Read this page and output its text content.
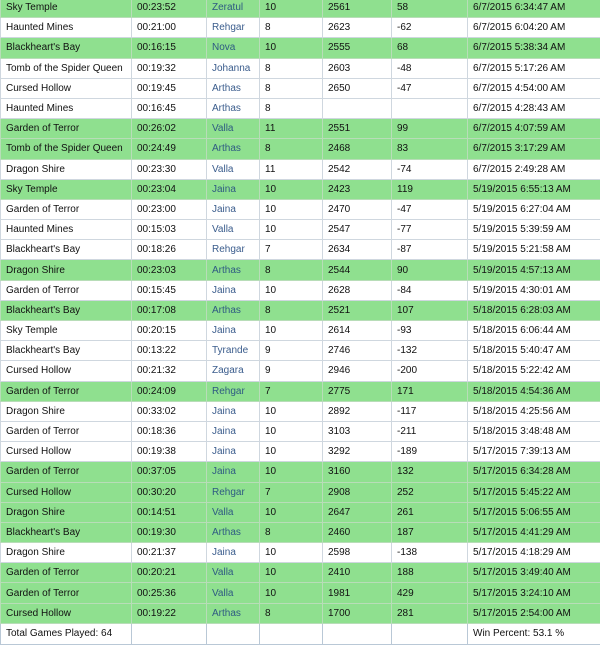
Sky Temple	00:23:52	Zeratul	10	2561	58	6/7/2015 6:34:47 AM
Haunted Mines	00:21:00	Rehgar	8	2623	-62	6/7/2015 6:04:20 AM
Blackheart's Bay	00:16:15	Nova	10	2555	68	6/7/2015 5:38:34 AM
Tomb of the Spider Queen	00:19:32	Johanna	8	2603	-48	6/7/2015 5:17:26 AM
Cursed Hollow	00:19:45	Arthas	8	2650	-47	6/7/2015 4:54:00 AM
Haunted Mines	00:16:45	Arthas	8			6/7/2015 4:28:43 AM
Garden of Terror	00:26:02	Valla	11	2551	99	6/7/2015 4:07:59 AM
Tomb of the Spider Queen	00:24:49	Arthas	8	2468	83	6/7/2015 3:17:29 AM
Dragon Shire	00:23:30	Valla	11	2542	-74	6/7/2015 2:49:28 AM
Sky Temple	00:23:04	Jaina	10	2423	119	5/19/2015 6:55:13 AM
Garden of Terror	00:23:00	Jaina	10	2470	-47	5/19/2015 6:27:04 AM
Haunted Mines	00:15:03	Valla	10	2547	-77	5/19/2015 5:39:59 AM
Blackheart's Bay	00:18:26	Rehgar	7	2634	-87	5/19/2015 5:21:58 AM
Dragon Shire	00:23:03	Arthas	8	2544	90	5/19/2015 4:57:13 AM
Garden of Terror	00:15:45	Jaina	10	2628	-84	5/19/2015 4:30:01 AM
Blackheart's Bay	00:17:08	Arthas	8	2521	107	5/18/2015 6:28:03 AM
Sky Temple	00:20:15	Jaina	10	2614	-93	5/18/2015 6:06:44 AM
Blackheart's Bay	00:13:22	Tyrande	9	2746	-132	5/18/2015 5:40:47 AM
Cursed Hollow	00:21:32	Zagara	9	2946	-200	5/18/2015 5:22:42 AM
Garden of Terror	00:24:09	Rehgar	7	2775	171	5/18/2015 4:54:36 AM
Dragon Shire	00:33:02	Jaina	10	2892	-117	5/18/2015 4:25:56 AM
Garden of Terror	00:18:36	Jaina	10	3103	-211	5/18/2015 3:48:48 AM
Cursed Hollow	00:19:38	Jaina	10	3292	-189	5/17/2015 7:39:13 AM
Garden of Terror	00:37:05	Jaina	10	3160	132	5/17/2015 6:34:28 AM
Cursed Hollow	00:30:20	Rehgar	7	2908	252	5/17/2015 5:45:22 AM
Dragon Shire	00:14:51	Valla	10	2647	261	5/17/2015 5:06:55 AM
Blackheart's Bay	00:19:30	Arthas	8	2460	187	5/17/2015 4:41:29 AM
Dragon Shire	00:21:37	Jaina	10	2598	-138	5/17/2015 4:18:29 AM
Garden of Terror	00:20:21	Valla	10	2410	188	5/17/2015 3:49:40 AM
Garden of Terror	00:25:36	Valla	10	1981	429	5/17/2015 3:24:10 AM
Cursed Hollow	00:19:22	Arthas	8	1700	281	5/17/2015 2:54:00 AM
Total Games Played: 64						Win Percent: 53.1 %
